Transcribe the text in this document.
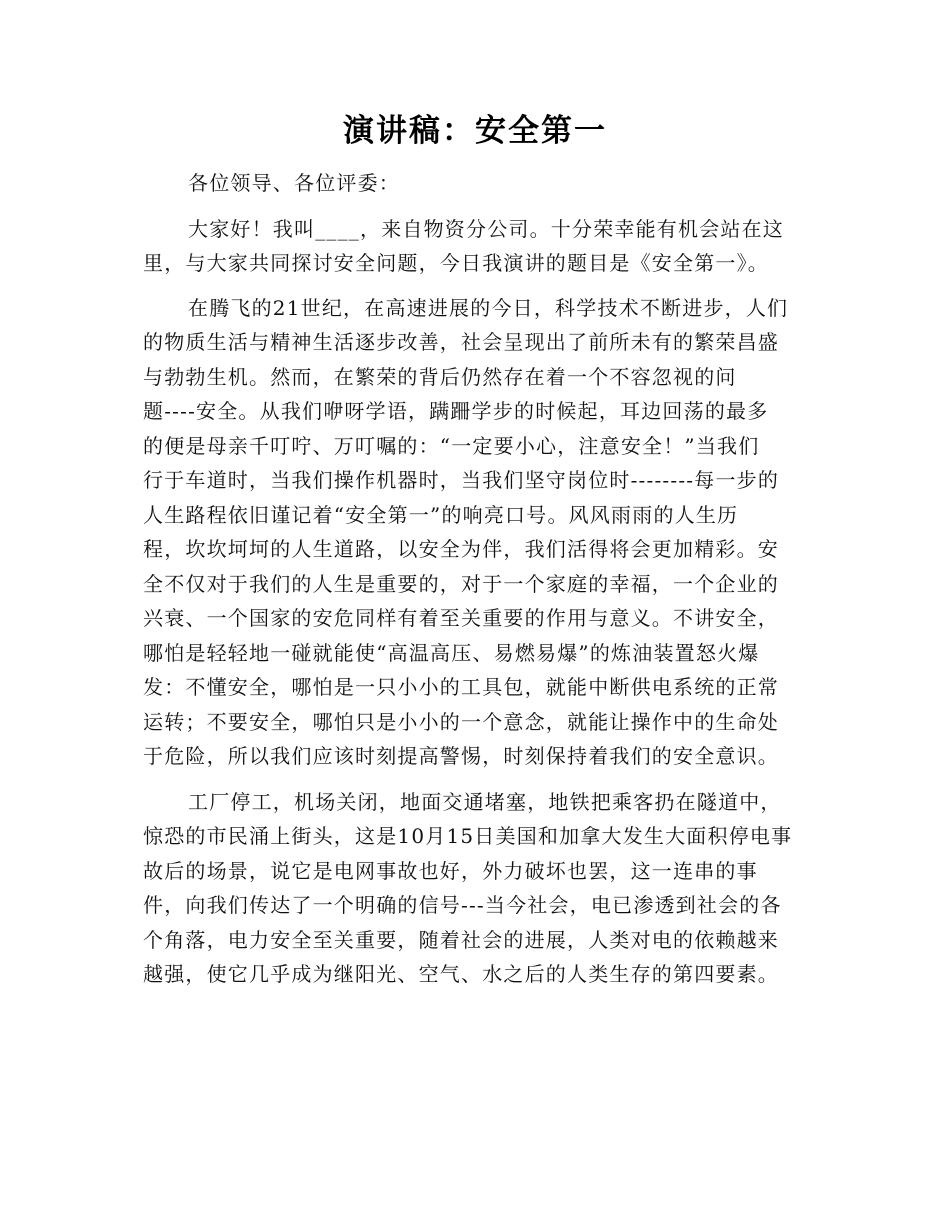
演讲稿：安全第一

各位领导、各位评委：

大家好！我叫____，来自物资分公司。十分荣幸能有机会站在这
里，与大家共同探讨安全问题，今日我演讲的题目是《安全第一》。

在腾飞的21世纪，在高速进展的今日，科学技术不断进步，人们
的物质生活与精神生活逐步改善，社会呈现出了前所未有的繁荣昌盛
与勃勃生机。然而，在繁荣的背后仍然存在着一个不容忽视的问
题----安全。从我们咿呀学语，蹒跚学步的时候起，耳边回荡的最多
的便是母亲千叮咛、万叮嘱的：“一定要小心，注意安全！”当我们
行于车道时，当我们操作机器时，当我们坚守岗位时--------每一步的
人生路程依旧谨记着“安全第一”的响亮口号。风风雨雨的人生历
程，坎坎坷坷的人生道路，以安全为伴，我们活得将会更加精彩。安
全不仅对于我们的人生是重要的，对于一个家庭的幸福，一个企业的
兴衰、一个国家的安危同样有着至关重要的作用与意义。不讲安全，
哪怕是轻轻地一碰就能使“高温高压、易燃易爆”的炼油装置怒火爆
发：不懂安全，哪怕是一只小小的工具包，就能中断供电系统的正常
运转；不要安全，哪怕只是小小的一个意念，就能让操作中的生命处
于危险，所以我们应该时刻提高警惕，时刻保持着我们的安全意识。

工厂停工，机场关闭，地面交通堵塞，地铁把乘客扔在隧道中，
惊恐的市民涌上街头，这是10月15日美国和加拿大发生大面积停电事
故后的场景，说它是电网事故也好，外力破坏也罢，这一连串的事
件，向我们传达了一个明确的信号---当今社会，电已渗透到社会的各
个角落，电力安全至关重要，随着社会的进展，人类对电的依赖越来
越强，使它几乎成为继阳光、空气、水之后的人类生存的第四要素。
